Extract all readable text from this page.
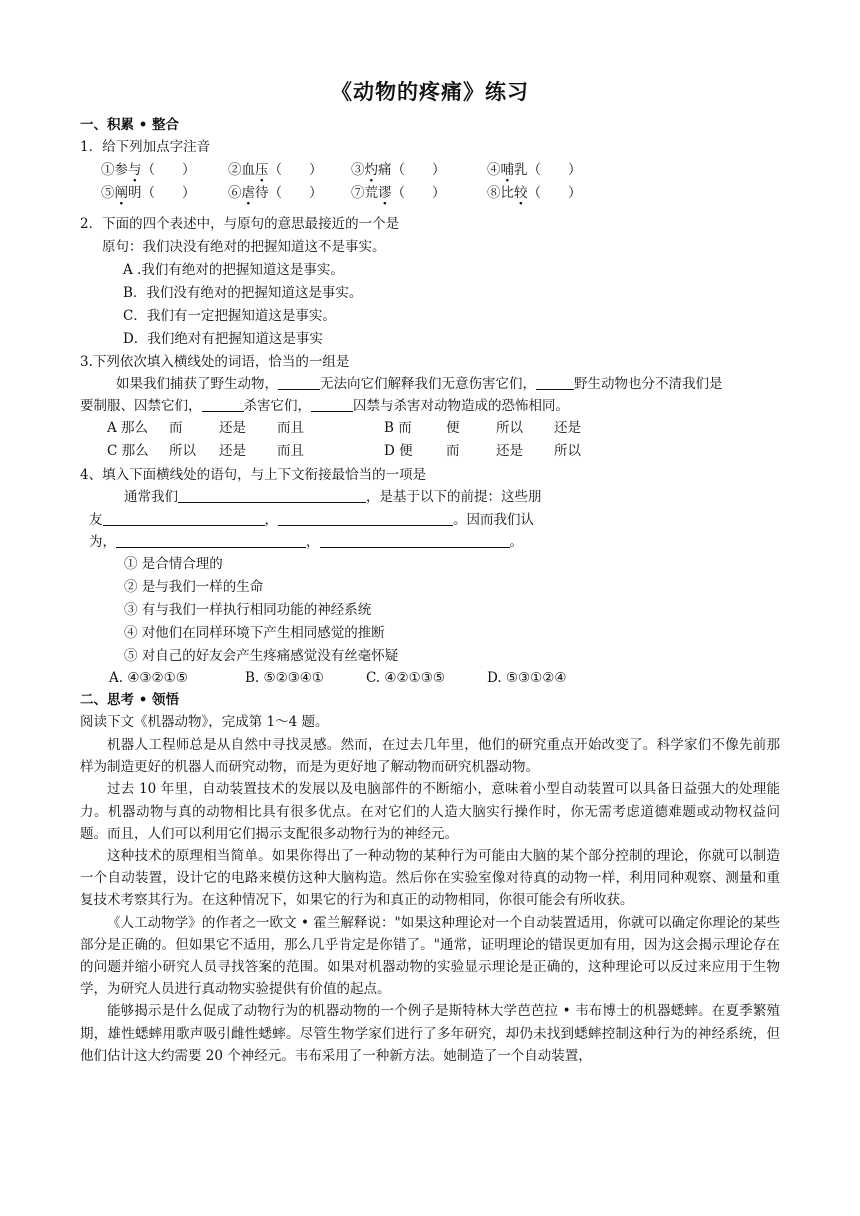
《动物的疼痛》练习
一、积累 • 整合
1．给下列加点字注音
①参与（　　） ②血压（　　） ③灼痛（　　）	④哺乳（　　）
⑤阐明（　　） ⑥虐待（　　） ⑦荒谬（　　）	⑧比较（　　）
2．下面的四个表述中，与原句的意思最接近的一个是
原句：我们决没有绝对的把握知道这不是事实。
A .我们有绝对的把握知道这是事实。
B．我们没有绝对的把握知道这是事实。
C．我们有一定把握知道这是事实。
D．我们绝对有把握知道这是事实
3.下列依次填入横线处的词语，恰当的一组是
如果我们捕获了野生动物，	无法向它们解释我们无意伤害它们，	野生动物也分不清我们是
要制服、囚禁它们，	杀害它们，	囚禁与杀害对动物造成的恐怖相同。
A 那么 而	还是 而且	B 而	便	所以 还是
C 那么 所以 还是 而且	D 便 而	还是 所以
4、填入下面横线处的语句，与上下文衔接最恰当的一项是
通常我们	，是基于以下的前提：这些朋
友	，	。因而我们认
为，	，	。
① 是合情合理的
② 是与我们一样的生命
③ 有与我们一样执行相同功能的神经系统
④ 对他们在同样环境下产生相同感觉的推断
⑤ 对自己的好友会产生疼痛感觉没有丝毫怀疑
A. ④③②①⑤	B. ⑤②③④①	C. ④②①③⑤	D. ⑤③①②④
二、思考 • 领悟
阅读下文《机器动物》，完成第 1～4 题。

机器人工程师总是从自然中寻找灵感。然而，在过去几年里，他们的研究重点开始改变了。科学家们不像先前那样为制造更好的机器人而研究动物，而是为更好地了解动物而研究机器动物。

过去 10 年里，自动装置技术的发展以及电脑部件的不断缩小，意味着小型自动装置可以具备日益强大的处理能力。机器动物与真的动物相比具有很多优点。在对它们的人造大脑实行操作时，你无需考虑道德难题或动物权益问题。而且，人们可以利用它们揭示支配很多动物行为的神经元。

这种技术的原理相当简单。如果你得出了一种动物的某种行为可能由大脑的某个部分控制的理论，你就可以制造一个自动装置，设计它的电路来模仿这种大脑构造。然后你在实验室像对待真的动物一样，利用同种观察、测量和重复技术考察其行为。在这种情况下，如果它的行为和真正的动物相同，你很可能会有所收获。

《人工动物学》的作者之一欧文 • 霍兰解释说："如果这种理论对一个自动装置适用，你就可以确定你理论的某些部分是正确的。但如果它不适用，那么几乎肯定是你错了。"通常，证明理论的错误更加有用，因为这会揭示理论存在的问题并缩小研究人员寻找答案的范围。如果对机器动物的实验显示理论是正确的，这种理论可以反过来应用于生物学，为研究人员进行真动物实验提供有价值的起点。

能够揭示是什么促成了动物行为的机器动物的一个例子是斯特林大学芭芭拉 • 韦布博士的机器蟋蟀。在夏季繁殖期，雄性蟋蟀用歌声吸引雌性蟋蟀。尽管生物学家们进行了多年研究，却仍未找到蟋蟀控制这种行为的神经系统，但他们估计这大约需要 20 个神经元。韦布采用了一种新方法。她制造了一个自动装置，
